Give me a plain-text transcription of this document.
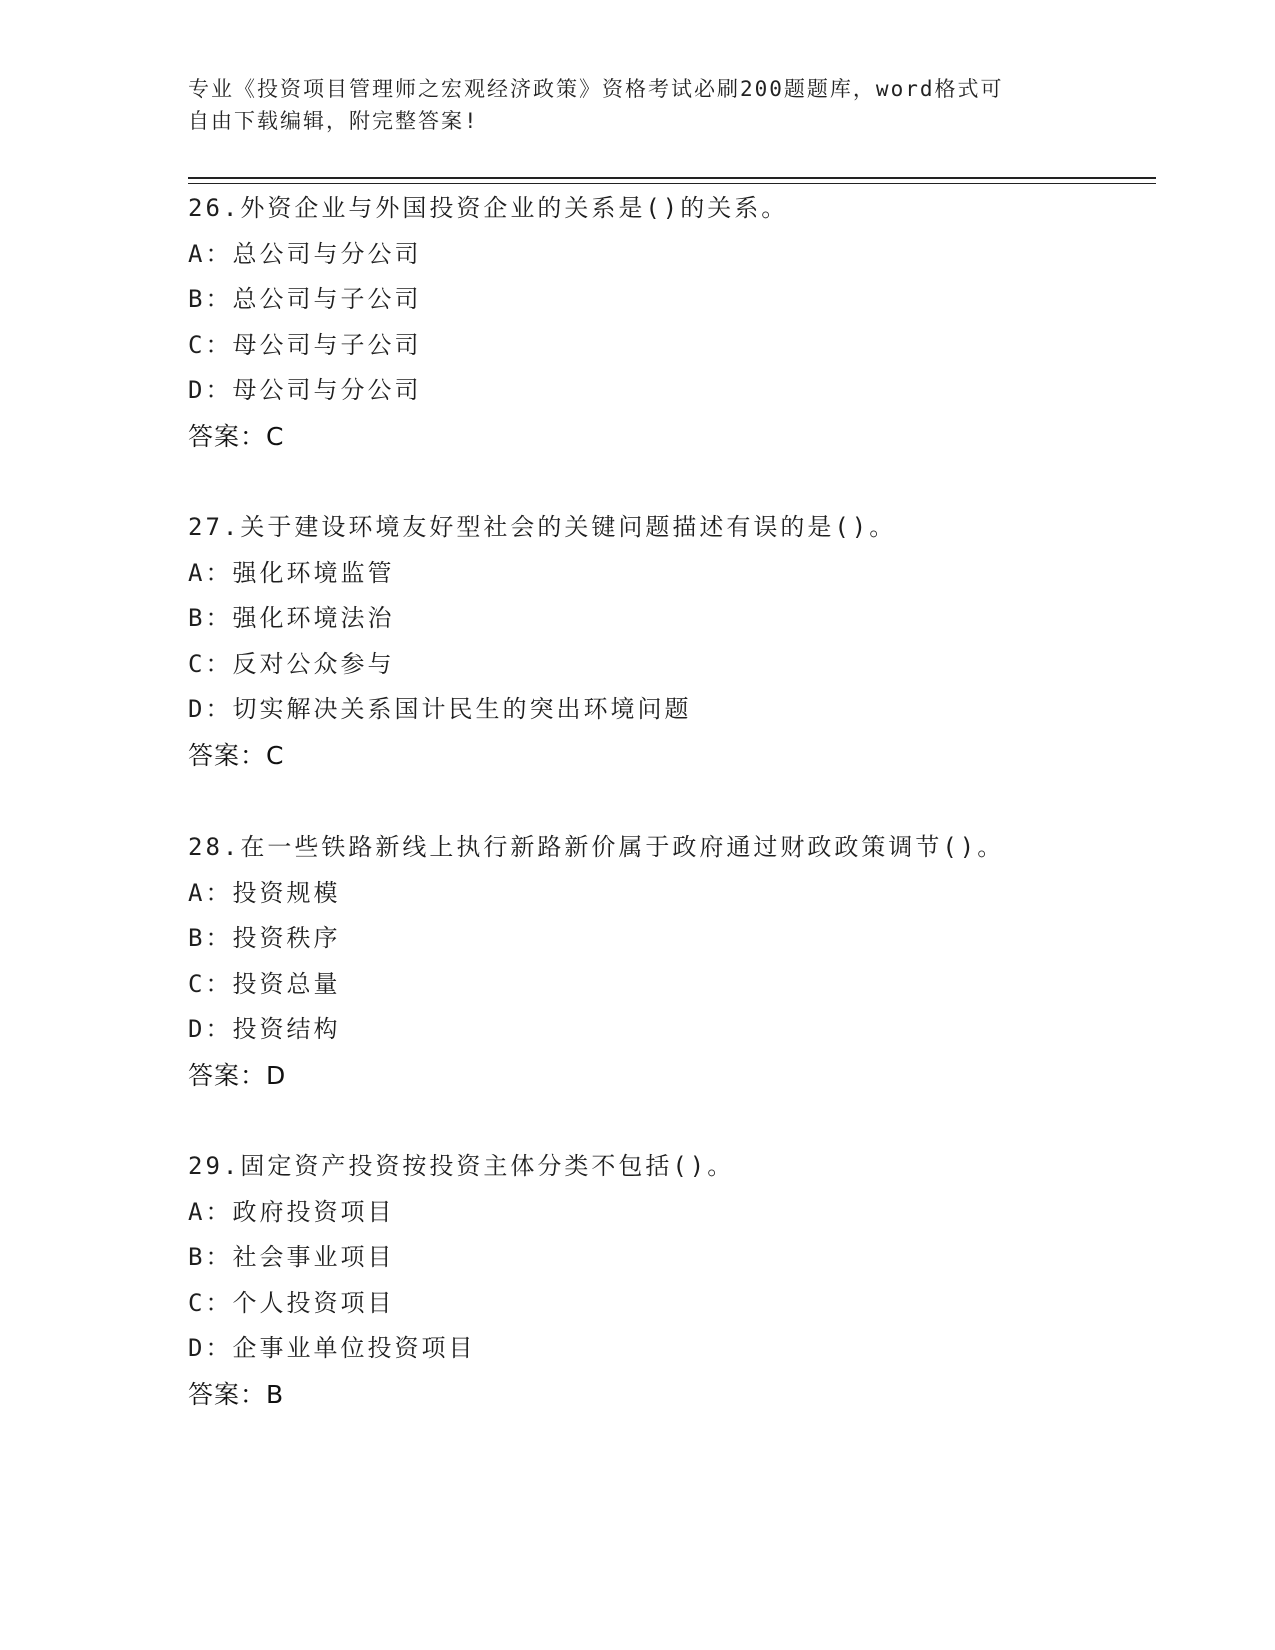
专业《投资项目管理师之宏观经济政策》资格考试必刷200题题库，word格式可
自由下载编辑，附完整答案!
26.外资企业与外国投资企业的关系是()的关系。
A：总公司与分公司
B：总公司与子公司
C：母公司与子公司
D：母公司与分公司
答案：C
27.关于建设环境友好型社会的关键问题描述有误的是()。
A：强化环境监管
B：强化环境法治
C：反对公众参与
D：切实解决关系国计民生的突出环境问题
答案：C
28.在一些铁路新线上执行新路新价属于政府通过财政政策调节()。
A：投资规模
B：投资秩序
C：投资总量
D：投资结构
答案：D
29.固定资产投资按投资主体分类不包括()。
A：政府投资项目
B：社会事业项目
C：个人投资项目
D：企事业单位投资项目
答案：B
